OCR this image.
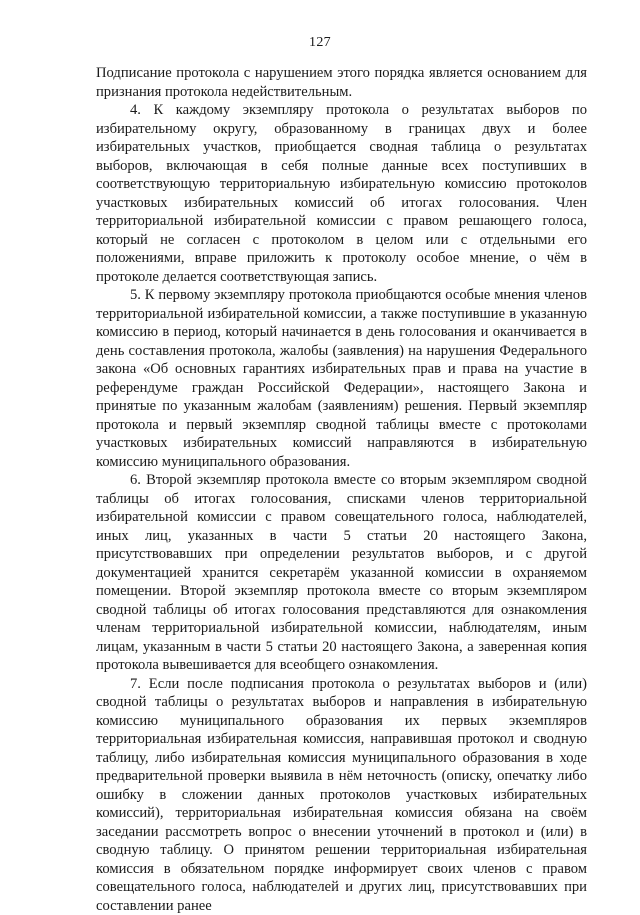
127

Подписание протокола с нарушением этого порядка является основанием для признания протокола недействительным.

4. К каждому экземпляру протокола о результатах выборов по избирательному округу, образованному в границах двух и более избирательных участков, приобщается сводная таблица о результатах выборов, включающая в себя полные данные всех поступивших в соответствующую территориальную избирательную комиссию протоколов участковых избирательных комиссий об итогах голосования. Член территориальной избирательной комиссии с правом решающего голоса, который не согласен с протоколом в целом или с отдельными его положениями, вправе приложить к протоколу особое мнение, о чём в протоколе делается соответствующая запись.

5. К первому экземпляру протокола приобщаются особые мнения членов территориальной избирательной комиссии, а также поступившие в указанную комиссию в период, который начинается в день голосования и оканчивается в день составления протокола, жалобы (заявления) на нарушения Федерального закона «Об основных гарантиях избирательных прав и права на участие в референдуме граждан Российской Федерации», настоящего Закона и принятые по указанным жалобам (заявлениям) решения. Первый экземпляр протокола и первый экземпляр сводной таблицы вместе с протоколами участковых избирательных комиссий направляются в избирательную комиссию муниципального образования.

6. Второй экземпляр протокола вместе со вторым экземпляром сводной таблицы об итогах голосования, списками членов территориальной избирательной комиссии с правом совещательного голоса, наблюдателей, иных лиц, указанных в части 5 статьи 20 настоящего Закона, присутствовавших при определении результатов выборов, и с другой документацией хранится секретарём указанной комиссии в охраняемом помещении. Второй экземпляр протокола вместе со вторым экземпляром сводной таблицы об итогах голосования представляются для ознакомления членам территориальной избирательной комиссии, наблюдателям, иным лицам, указанным в части 5 статьи 20 настоящего Закона, а заверенная копия протокола вывешивается для всеобщего ознакомления.

7. Если после подписания протокола о результатах выборов и (или) сводной таблицы о результатах выборов и направления в избирательную комиссию муниципального образования их первых экземпляров территориальная избирательная комиссия, направившая протокол и сводную таблицу, либо избирательная комиссия муниципального образования в ходе предварительной проверки выявила в нём неточность (описку, опечатку либо ошибку в сложении данных протоколов участковых избирательных комиссий), территориальная избирательная комиссия обязана на своём заседании рассмотреть вопрос о внесении уточнений в протокол и (или) в сводную таблицу. О принятом решении территориальная избирательная комиссия в обязательном порядке информирует своих членов с правом совещательного голоса, наблюдателей и других лиц, присутствовавших при составлении ранее
